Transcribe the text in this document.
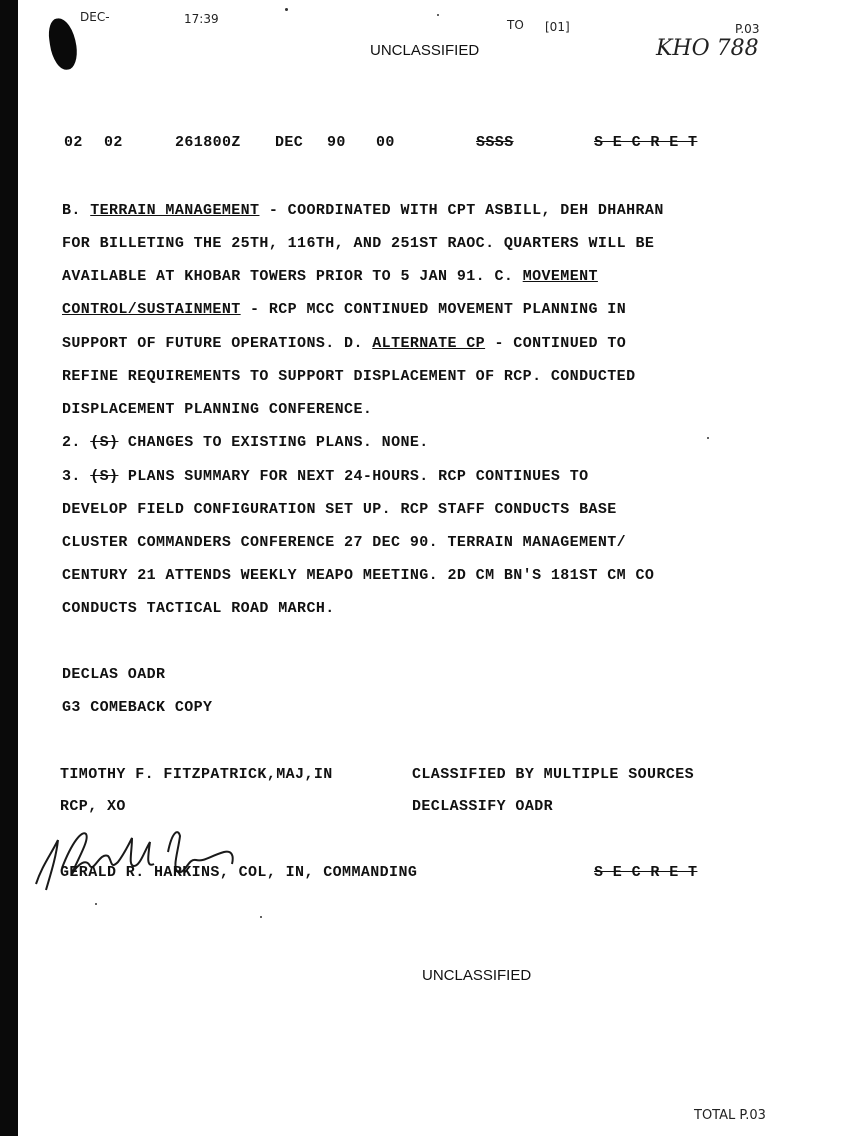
DEC-	17:39	TO [01]	P.03
UNCLASSIFIED	KHO 788
02 02	261800Z DEC 90 00	SSSS	S E C R E T
B. TERRAIN MANAGEMENT - COORDINATED WITH CPT ASBILL, DEH DHAHRAN
FOR BILLETING THE 25TH, 116TH, AND 251ST RAOC. QUARTERS WILL BE
AVAILABLE AT KHOBAR TOWERS PRIOR TO 5 JAN 91. C. MOVEMENT
CONTROL/SUSTAINMENT - RCP MCC CONTINUED MOVEMENT PLANNING IN
SUPPORT OF FUTURE OPERATIONS. D. ALTERNATE CP - CONTINUED TO
REFINE REQUIREMENTS TO SUPPORT DISPLACEMENT OF RCP. CONDUCTED
DISPLACEMENT PLANNING CONFERENCE.
2. (S) CHANGES TO EXISTING PLANS. NONE.
3. (S) PLANS SUMMARY FOR NEXT 24-HOURS. RCP CONTINUES TO
DEVELOP FIELD CONFIGURATION SET UP. RCP STAFF CONDUCTS BASE
CLUSTER COMMANDERS CONFERENCE 27 DEC 90. TERRAIN MANAGEMENT/
CENTURY 21 ATTENDS WEEKLY MEAPO MEETING. 2D CM BN'S 181ST CM CO
CONDUCTS TACTICAL ROAD MARCH.
DECLAS OADR
G3 COMEBACK COPY
TIMOTHY F. FITZPATRICK,MAJ,IN
RCP, XO
CLASSIFIED BY MULTIPLE SOURCES
DECLASSIFY OADR
GERALD R. HARKINS, COL, IN, COMMANDING	S E C R E T
UNCLASSIFIED
TOTAL P.03
